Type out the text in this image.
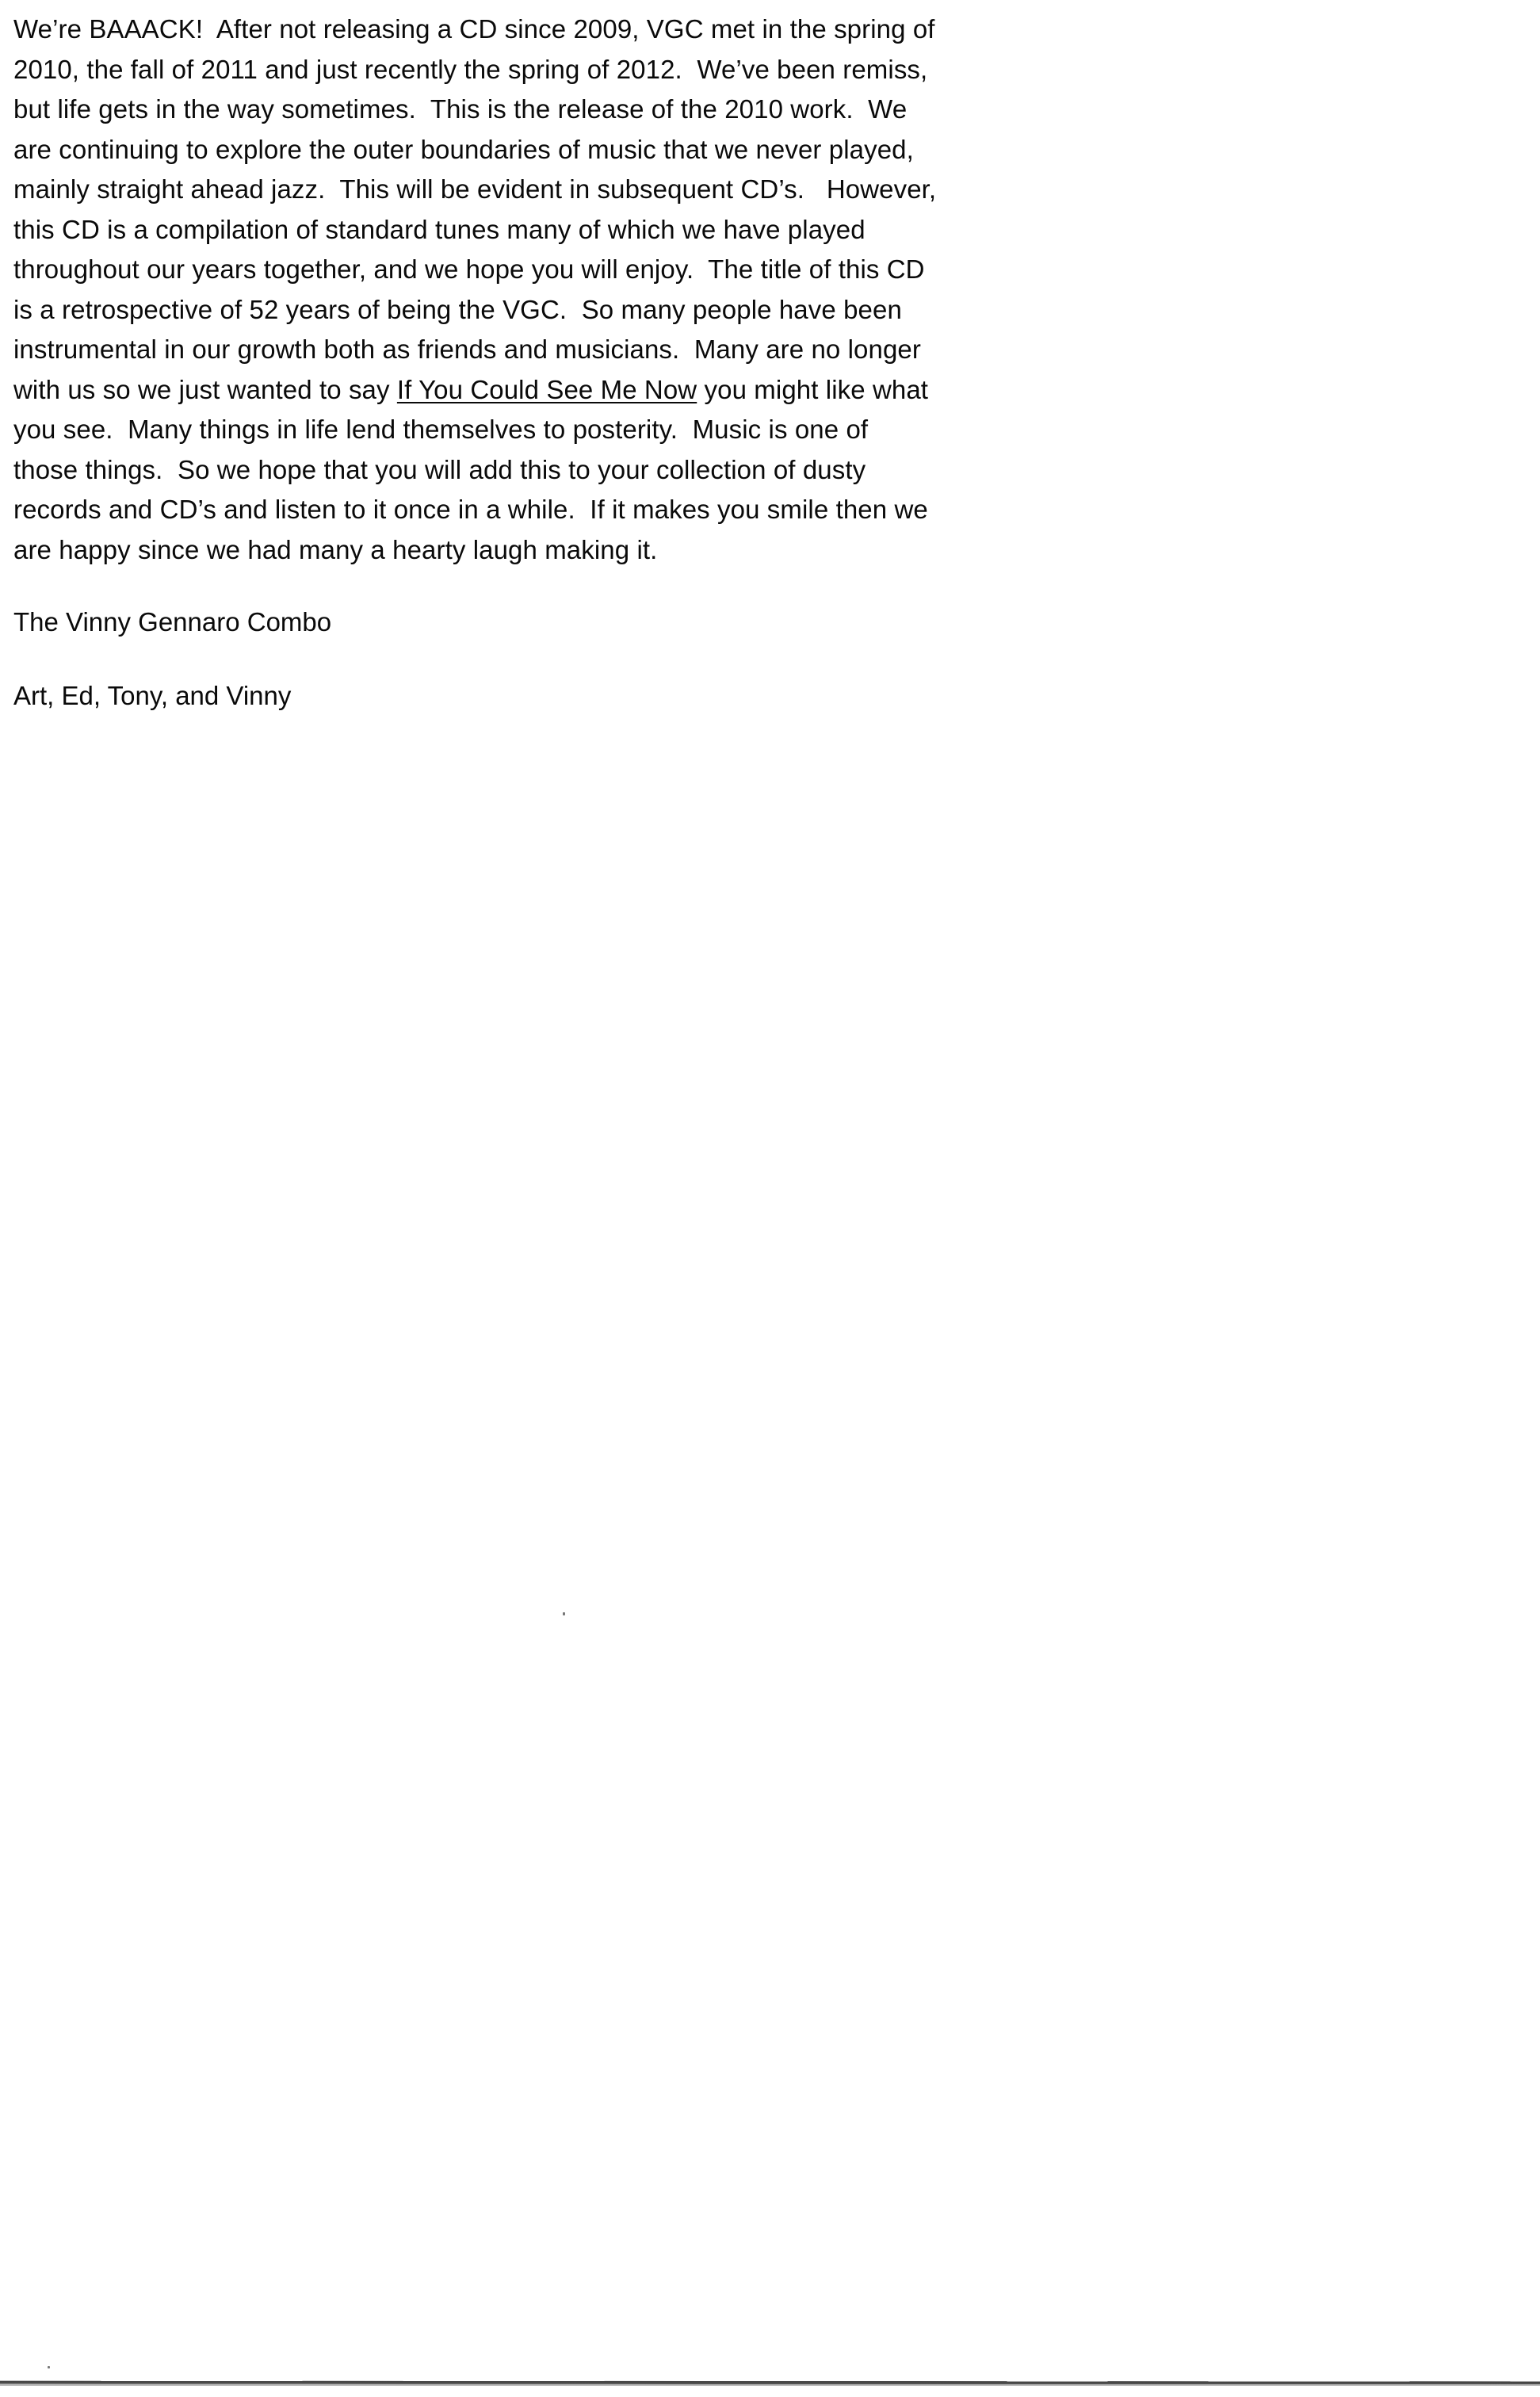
We’re BAAACK!  After not releasing a CD since 2009, VGC met in the spring of
2010, the fall of 2011 and just recently the spring of 2012.  We’ve been remiss,
but life gets in the way sometimes.  This is the release of the 2010 work.  We
are continuing to explore the outer boundaries of music that we never played,
mainly straight ahead jazz.  This will be evident in subsequent CD’s.   However,
this CD is a compilation of standard tunes many of which we have played
throughout our years together, and we hope you will enjoy.  The title of this CD
is a retrospective of 52 years of being the VGC.  So many people have been
instrumental in our growth both as friends and musicians.  Many are no longer
with us so we just wanted to say If You Could See Me Now you might like what
you see.  Many things in life lend themselves to posterity.  Music is one of
those things.  So we hope that you will add this to your collection of dusty
records and CD’s and listen to it once in a while.  If it makes you smile then we
are happy since we had many a hearty laugh making it.
The Vinny Gennaro Combo
Art, Ed, Tony, and Vinny
